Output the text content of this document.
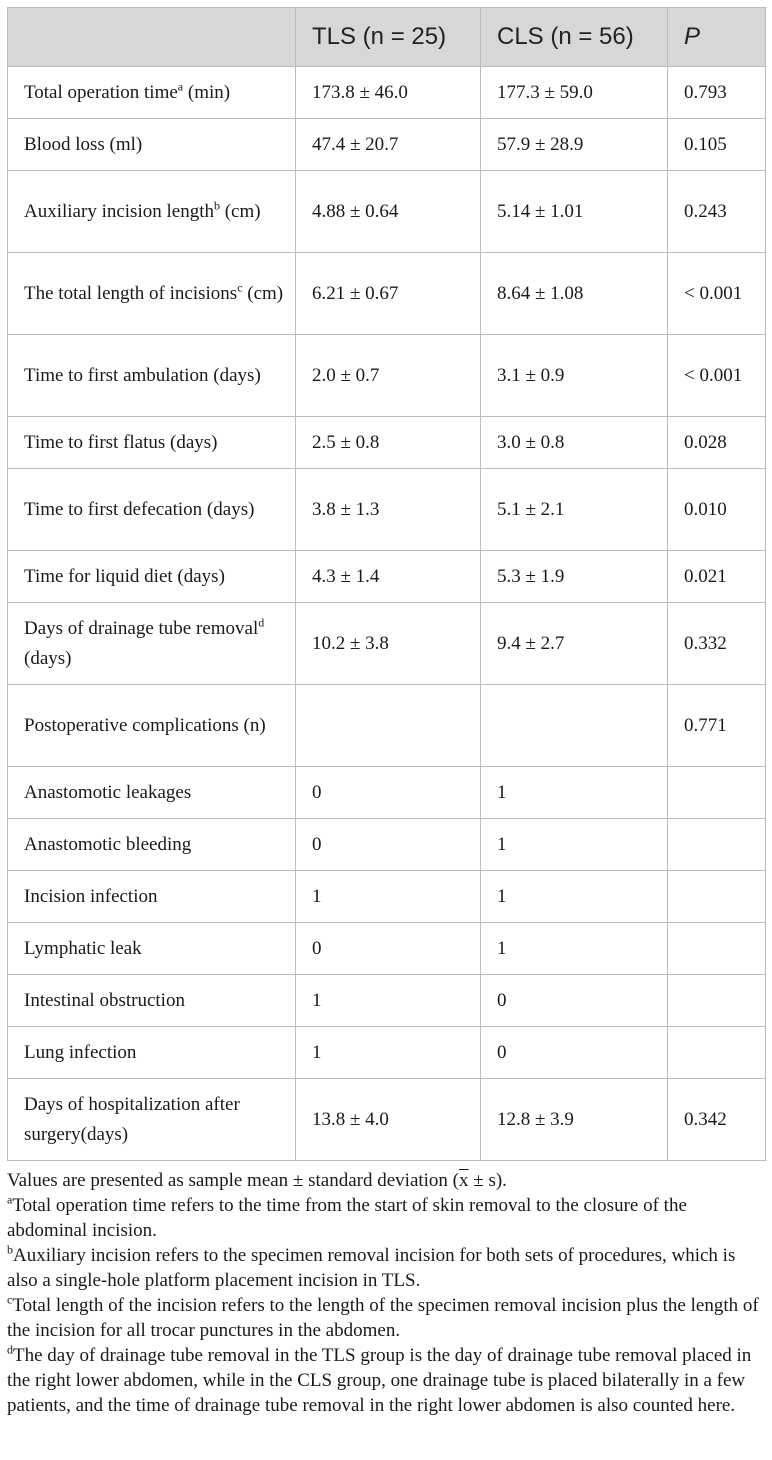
	TLS (n = 25)	CLS (n = 56)	P
Total operation time$^a$ (min)	173.8 ± 46.0	177.3 ± 59.0	0.793
Blood loss (ml)	47.4 ± 20.7	57.9 ± 28.9	0.105
Auxiliary incision length$^b$ (cm)	4.88 ± 0.64	5.14 ± 1.01	0.243
The total length of incisions$^c$ (cm)	6.21 ± 0.67	8.64 ± 1.08	< 0.001
Time to first ambulation (days)	2.0 ± 0.7	3.1 ± 0.9	< 0.001
Time to first flatus (days)	2.5 ± 0.8	3.0 ± 0.8	0.028
Time to first defecation (days)	3.8 ± 1.3	5.1 ± 2.1	0.010
Time for liquid diet (days)	4.3 ± 1.4	5.3 ± 1.9	0.021
Days of drainage tube removal$^d$ (days)	10.2 ± 3.8	9.4 ± 2.7	0.332
Postoperative complications (n)			0.771
Anastomotic leakages	0	1	
Anastomotic bleeding	0	1	
Incision infection	1	1	
Lymphatic leak	0	1	
Intestinal obstruction	1	0	
Lung infection	1	0	
Days of hospitalization after surgery(days)	13.8 ± 4.0	12.8 ± 3.9	0.342

Values are presented as sample mean ± standard deviation $(\overline{x} \pm s)$.

$^a$Total operation time refers to the time from the start of skin removal to the closure of the abdominal incision.

$^b$Auxiliary incision refers to the specimen removal incision for both sets of procedures, which is also a single-hole platform placement incision in TLS.

$^c$Total length of the incision refers to the length of the specimen removal incision plus the length of the incision for all trocar punctures in the abdomen.

$^d$The day of drainage tube removal in the TLS group is the day of drainage tube removal placed in the right lower abdomen, while in the CLS group, one drainage tube is placed bilaterally in a few patients, and the time of drainage tube removal in the right lower abdomen is also counted here.
